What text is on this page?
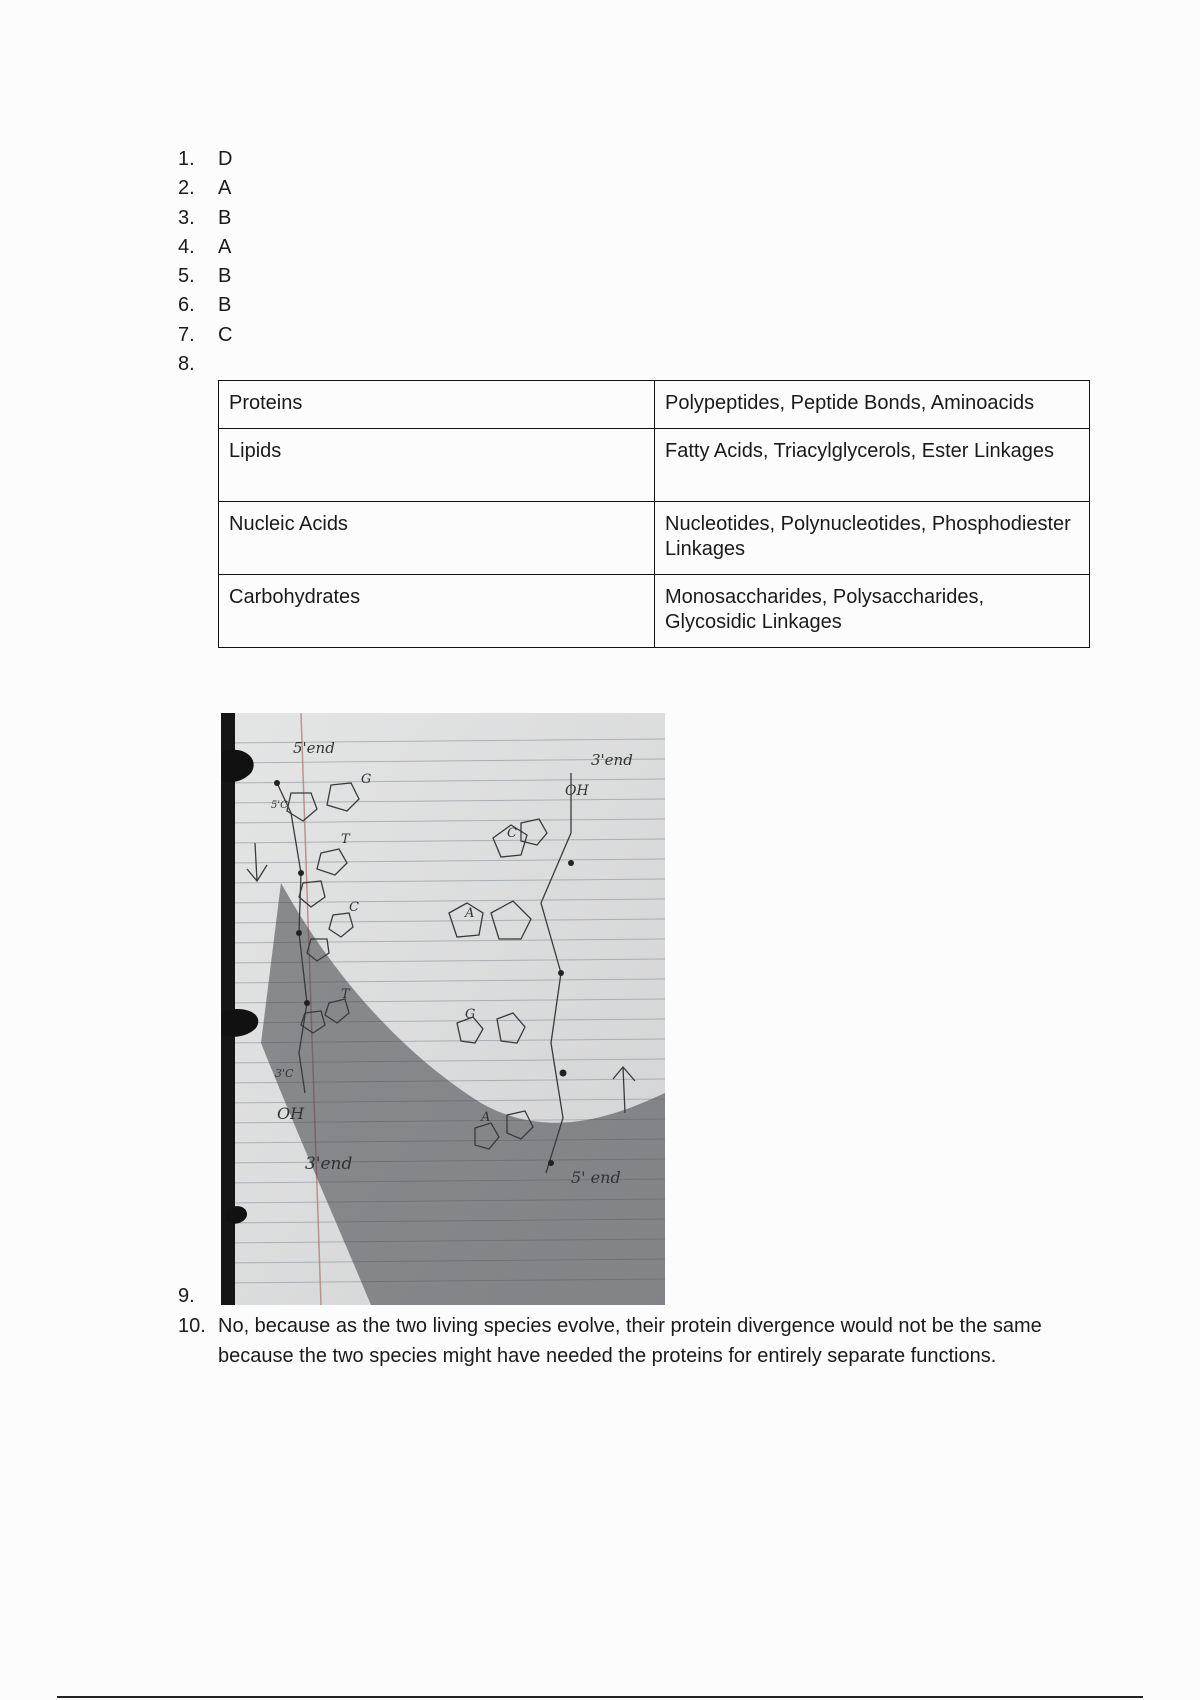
1.	D
2.	A
3.	B
4.	A
5.	B
6.	B
7.	C
8.
Proteins	Polypeptides, Peptide Bonds, Aminoacids
Lipids	Fatty Acids, Triacylglycerols, Ester Linkages
Nucleic Acids	Nucleotides, Polynucleotides, Phosphodiester Linkages
Carbohydrates	Monosaccharides, Polysaccharides, Glycosidic Linkages
5'end
3'end
OH
OH
3'end
5' end
G
T
C
T
C
A
G
A
5'C
3'C
9.
10. No, because as the two living species evolve, their protein divergence would not be the same because the two species might have needed the proteins for entirely separate functions.
